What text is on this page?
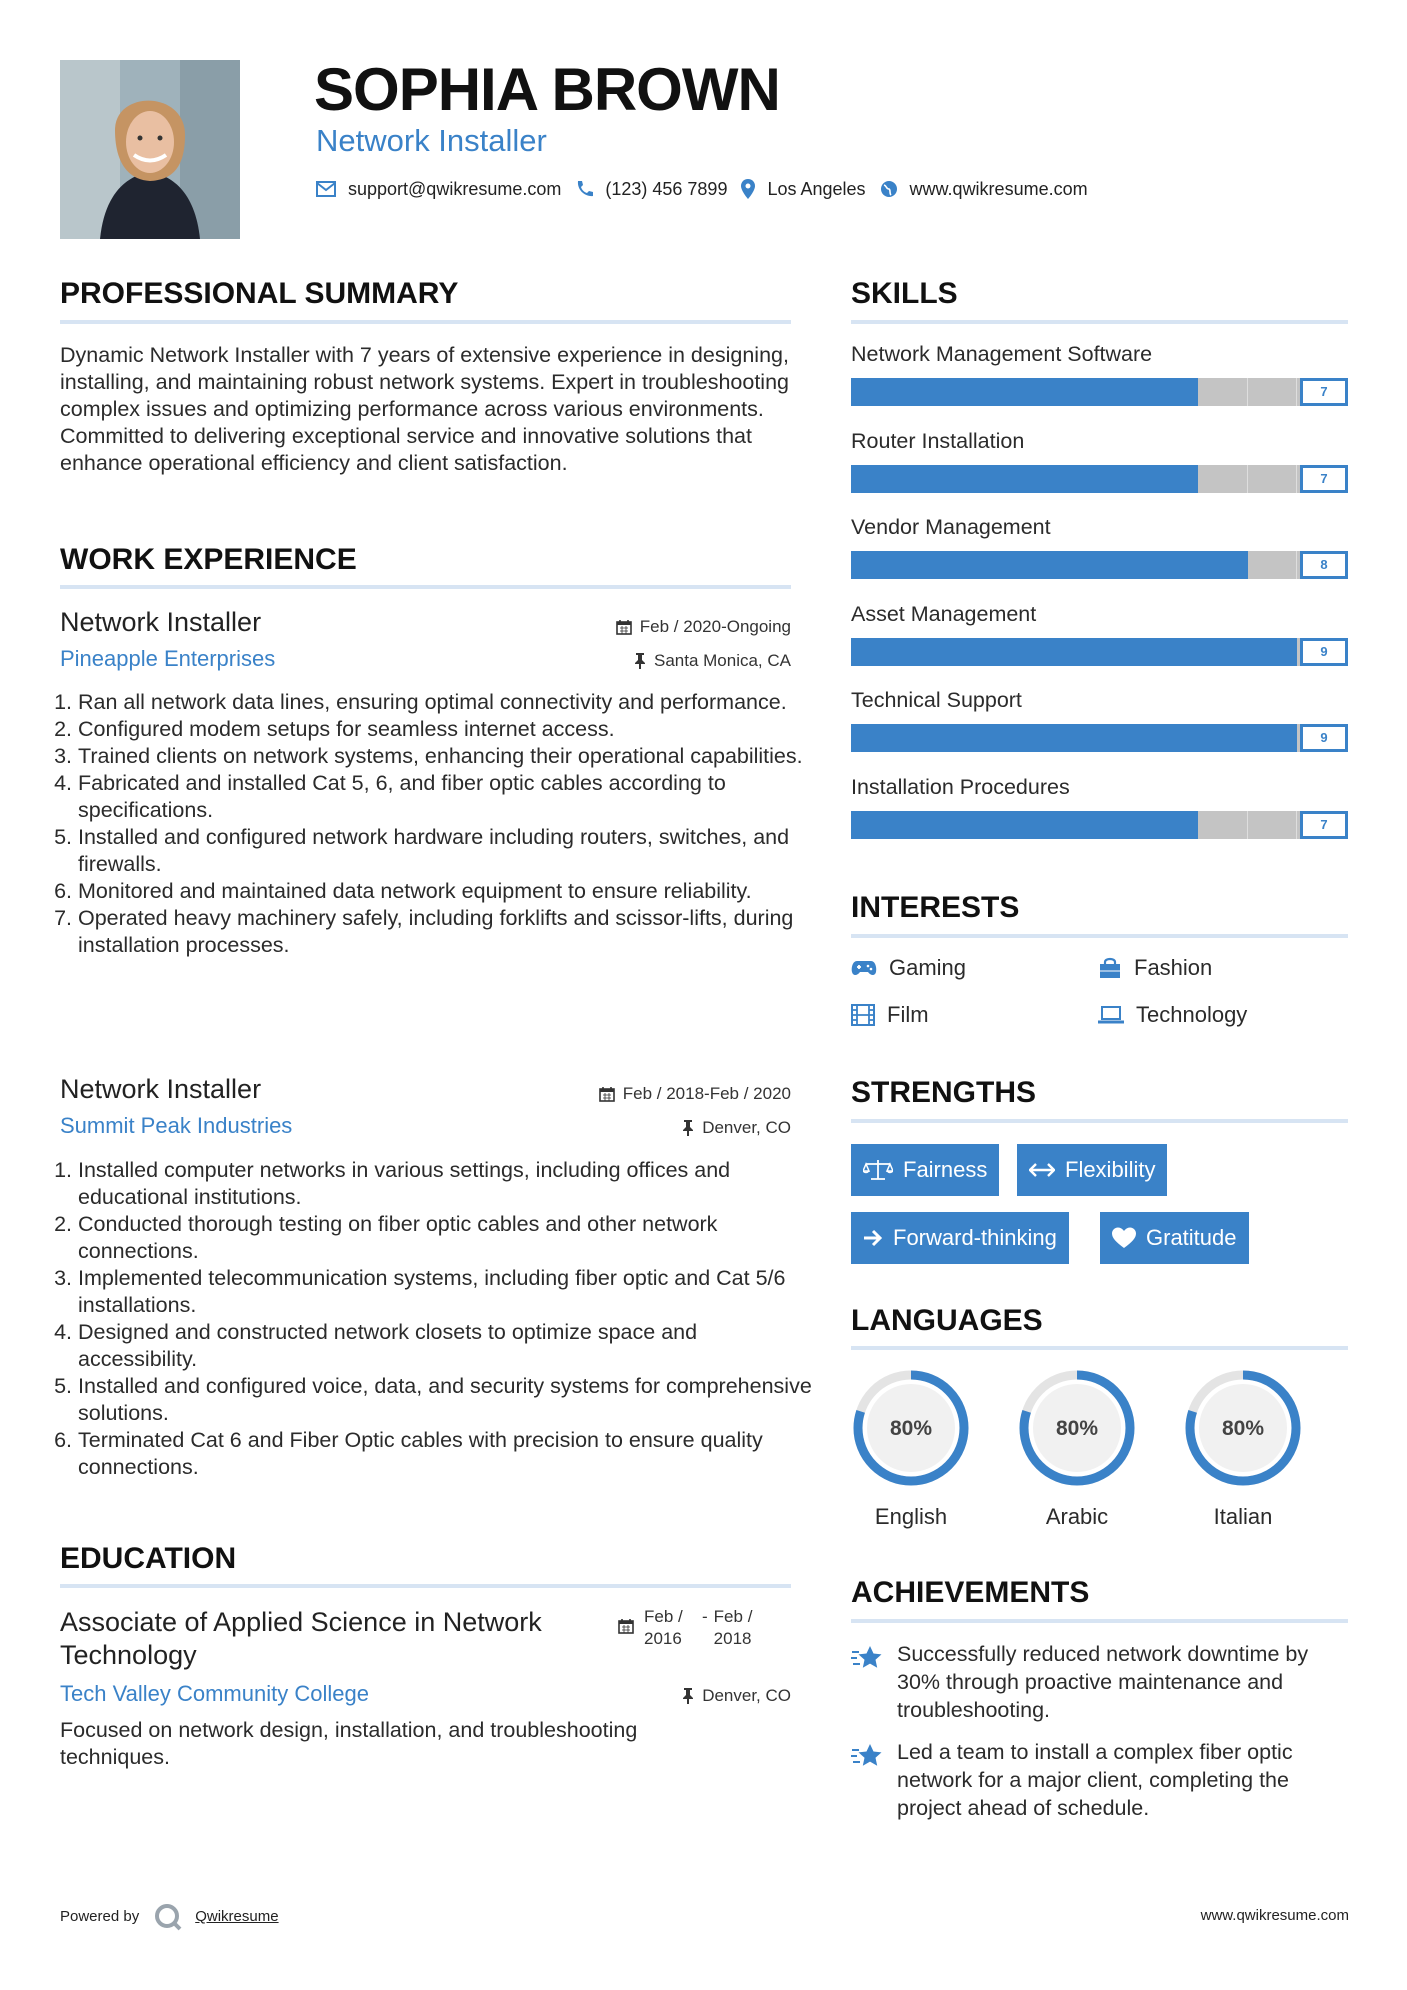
SOPHIA BROWN
Network Installer
support@qwikresume.com (123) 456 7899 Los Angeles www.qwikresume.com
PROFESSIONAL SUMMARY
Dynamic Network Installer with 7 years of extensive experience in designing, installing, and maintaining robust network systems. Expert in troubleshooting complex issues and optimizing performance across various environments. Committed to delivering exceptional service and innovative solutions that enhance operational efficiency and client satisfaction.
WORK EXPERIENCE
Network Installer	Feb / 2020-Ongoing
Pineapple Enterprises	Santa Monica, CA
1. Ran all network data lines, ensuring optimal connectivity and performance.
2. Configured modem setups for seamless internet access.
3. Trained clients on network systems, enhancing their operational capabilities.
4. Fabricated and installed Cat 5, 6, and fiber optic cables according to specifications.
5. Installed and configured network hardware including routers, switches, and firewalls.
6. Monitored and maintained data network equipment to ensure reliability.
7. Operated heavy machinery safely, including forklifts and scissor-lifts, during installation processes.
Network Installer	Feb / 2018-Feb / 2020
Summit Peak Industries	Denver, CO
1. Installed computer networks in various settings, including offices and educational institutions.
2. Conducted thorough testing on fiber optic cables and other network connections.
3. Implemented telecommunication systems, including fiber optic and Cat 5/6 installations.
4. Designed and constructed network closets to optimize space and accessibility.
5. Installed and configured voice, data, and security systems for comprehensive solutions.
6. Terminated Cat 6 and Fiber Optic cables with precision to ensure quality connections.
EDUCATION
Associate of Applied Science in Network Technology
Feb / 2016
- Feb / 2018
Tech Valley Community College	Denver, CO
Focused on network design, installation, and troubleshooting techniques.
SKILLS
Network Management Software
7
Router Installation
7
Vendor Management
8
Asset Management
9
Technical Support
9
Installation Procedures
7
INTERESTS
Gaming	Fashion
Film	Technology
STRENGTHS
Fairness	Flexibility
Forward-thinking	Gratitude
LANGUAGES
80%
English
80%
Arabic
80%
Italian
ACHIEVEMENTS
Successfully reduced network downtime by 30% through proactive maintenance and troubleshooting.
Led a team to install a complex fiber optic network for a major client, completing the project ahead of schedule.
Powered by	Qwikresume	www.qwikresume.com
